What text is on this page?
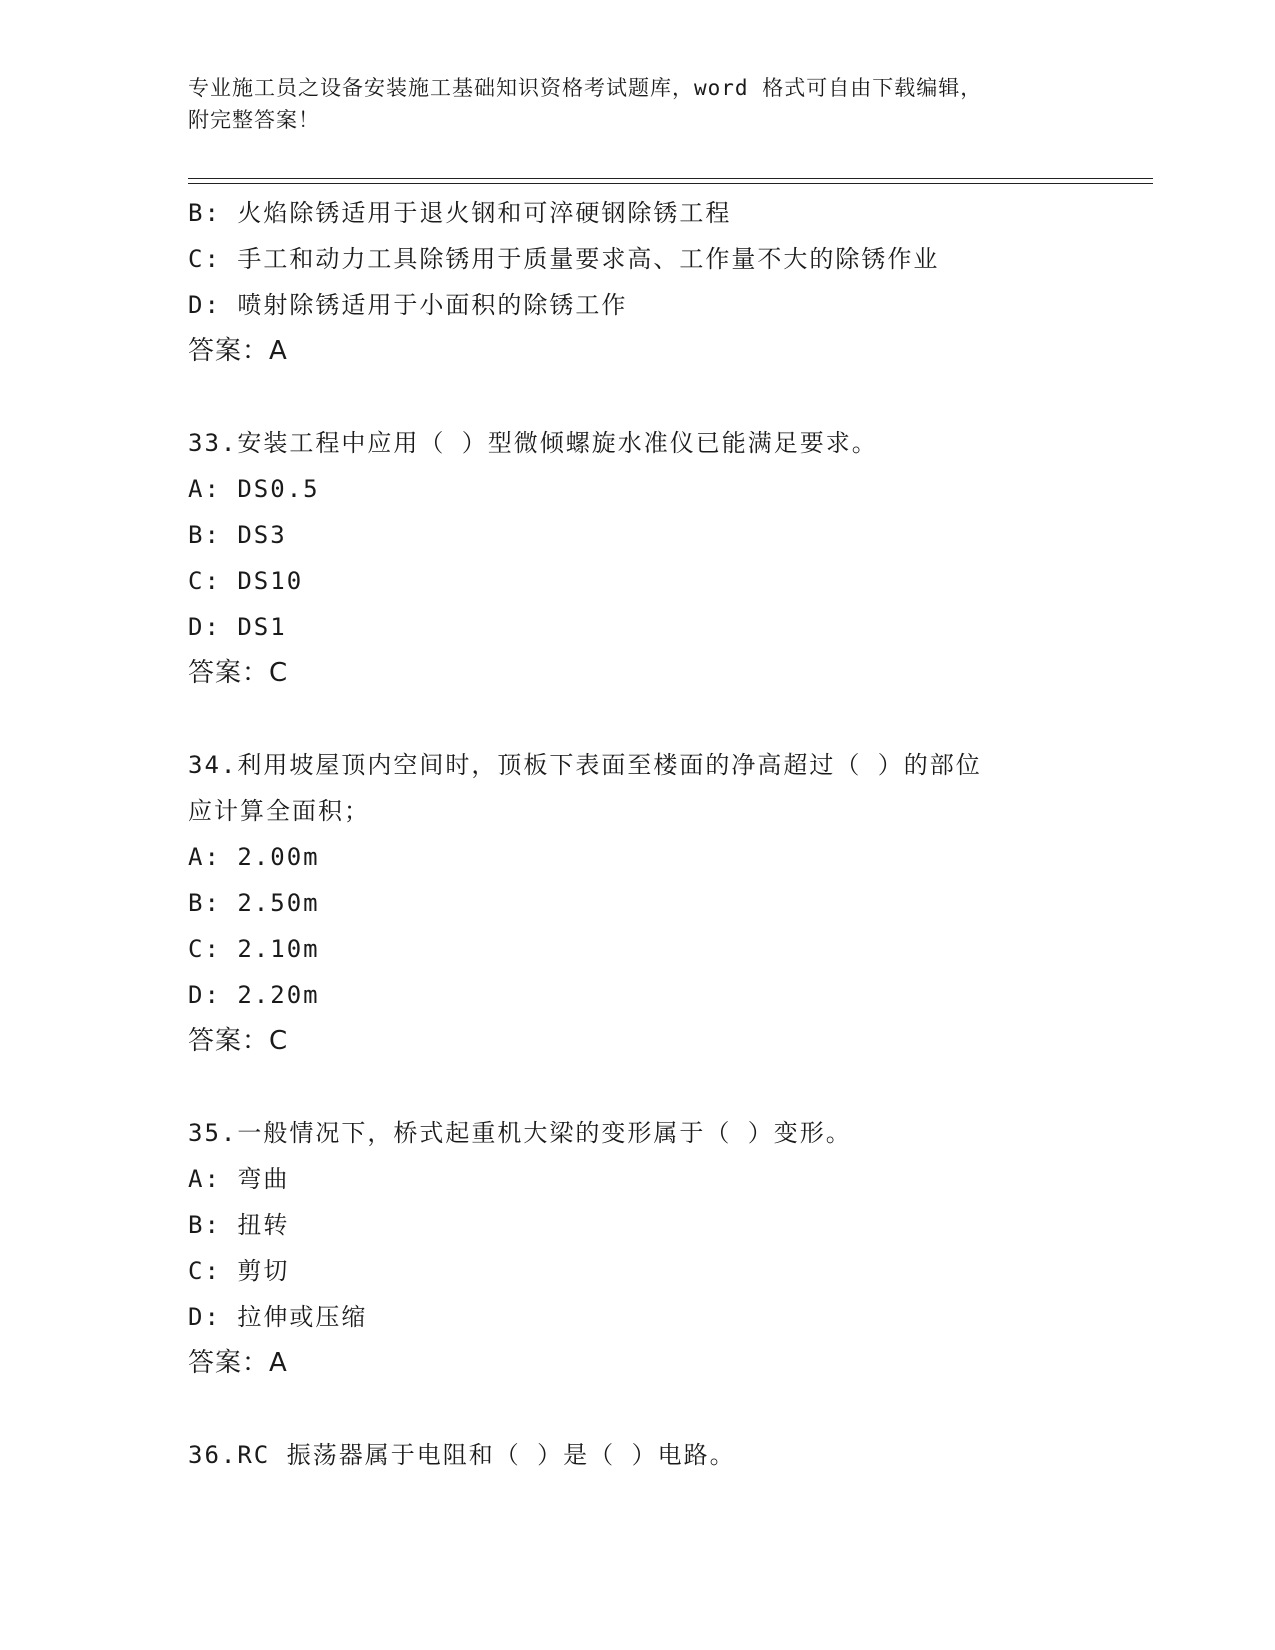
专业施工员之设备安装施工基础知识资格考试题库，word 格式可自由下载编辑，
附完整答案！
B: 火焰除锈适用于退火钢和可淬硬钢除锈工程
C: 手工和动力工具除锈用于质量要求高、工作量不大的除锈作业
D: 喷射除锈适用于小面积的除锈工作
答案：A
33.安装工程中应用（ ）型微倾螺旋水准仪已能满足要求。
A: DS0.5
B: DS3
C: DS10
D: DS1
答案：C
34.利用坡屋顶内空间时，顶板下表面至楼面的净高超过（ ）的部位
应计算全面积；
A: 2.00m
B: 2.50m
C: 2.10m
D: 2.20m
答案：C
35.一般情况下，桥式起重机大梁的变形属于（ ）变形。
A: 弯曲
B: 扭转
C: 剪切
D: 拉伸或压缩
答案：A
36.RC 振荡器属于电阻和（ ）是（ ）电路。
